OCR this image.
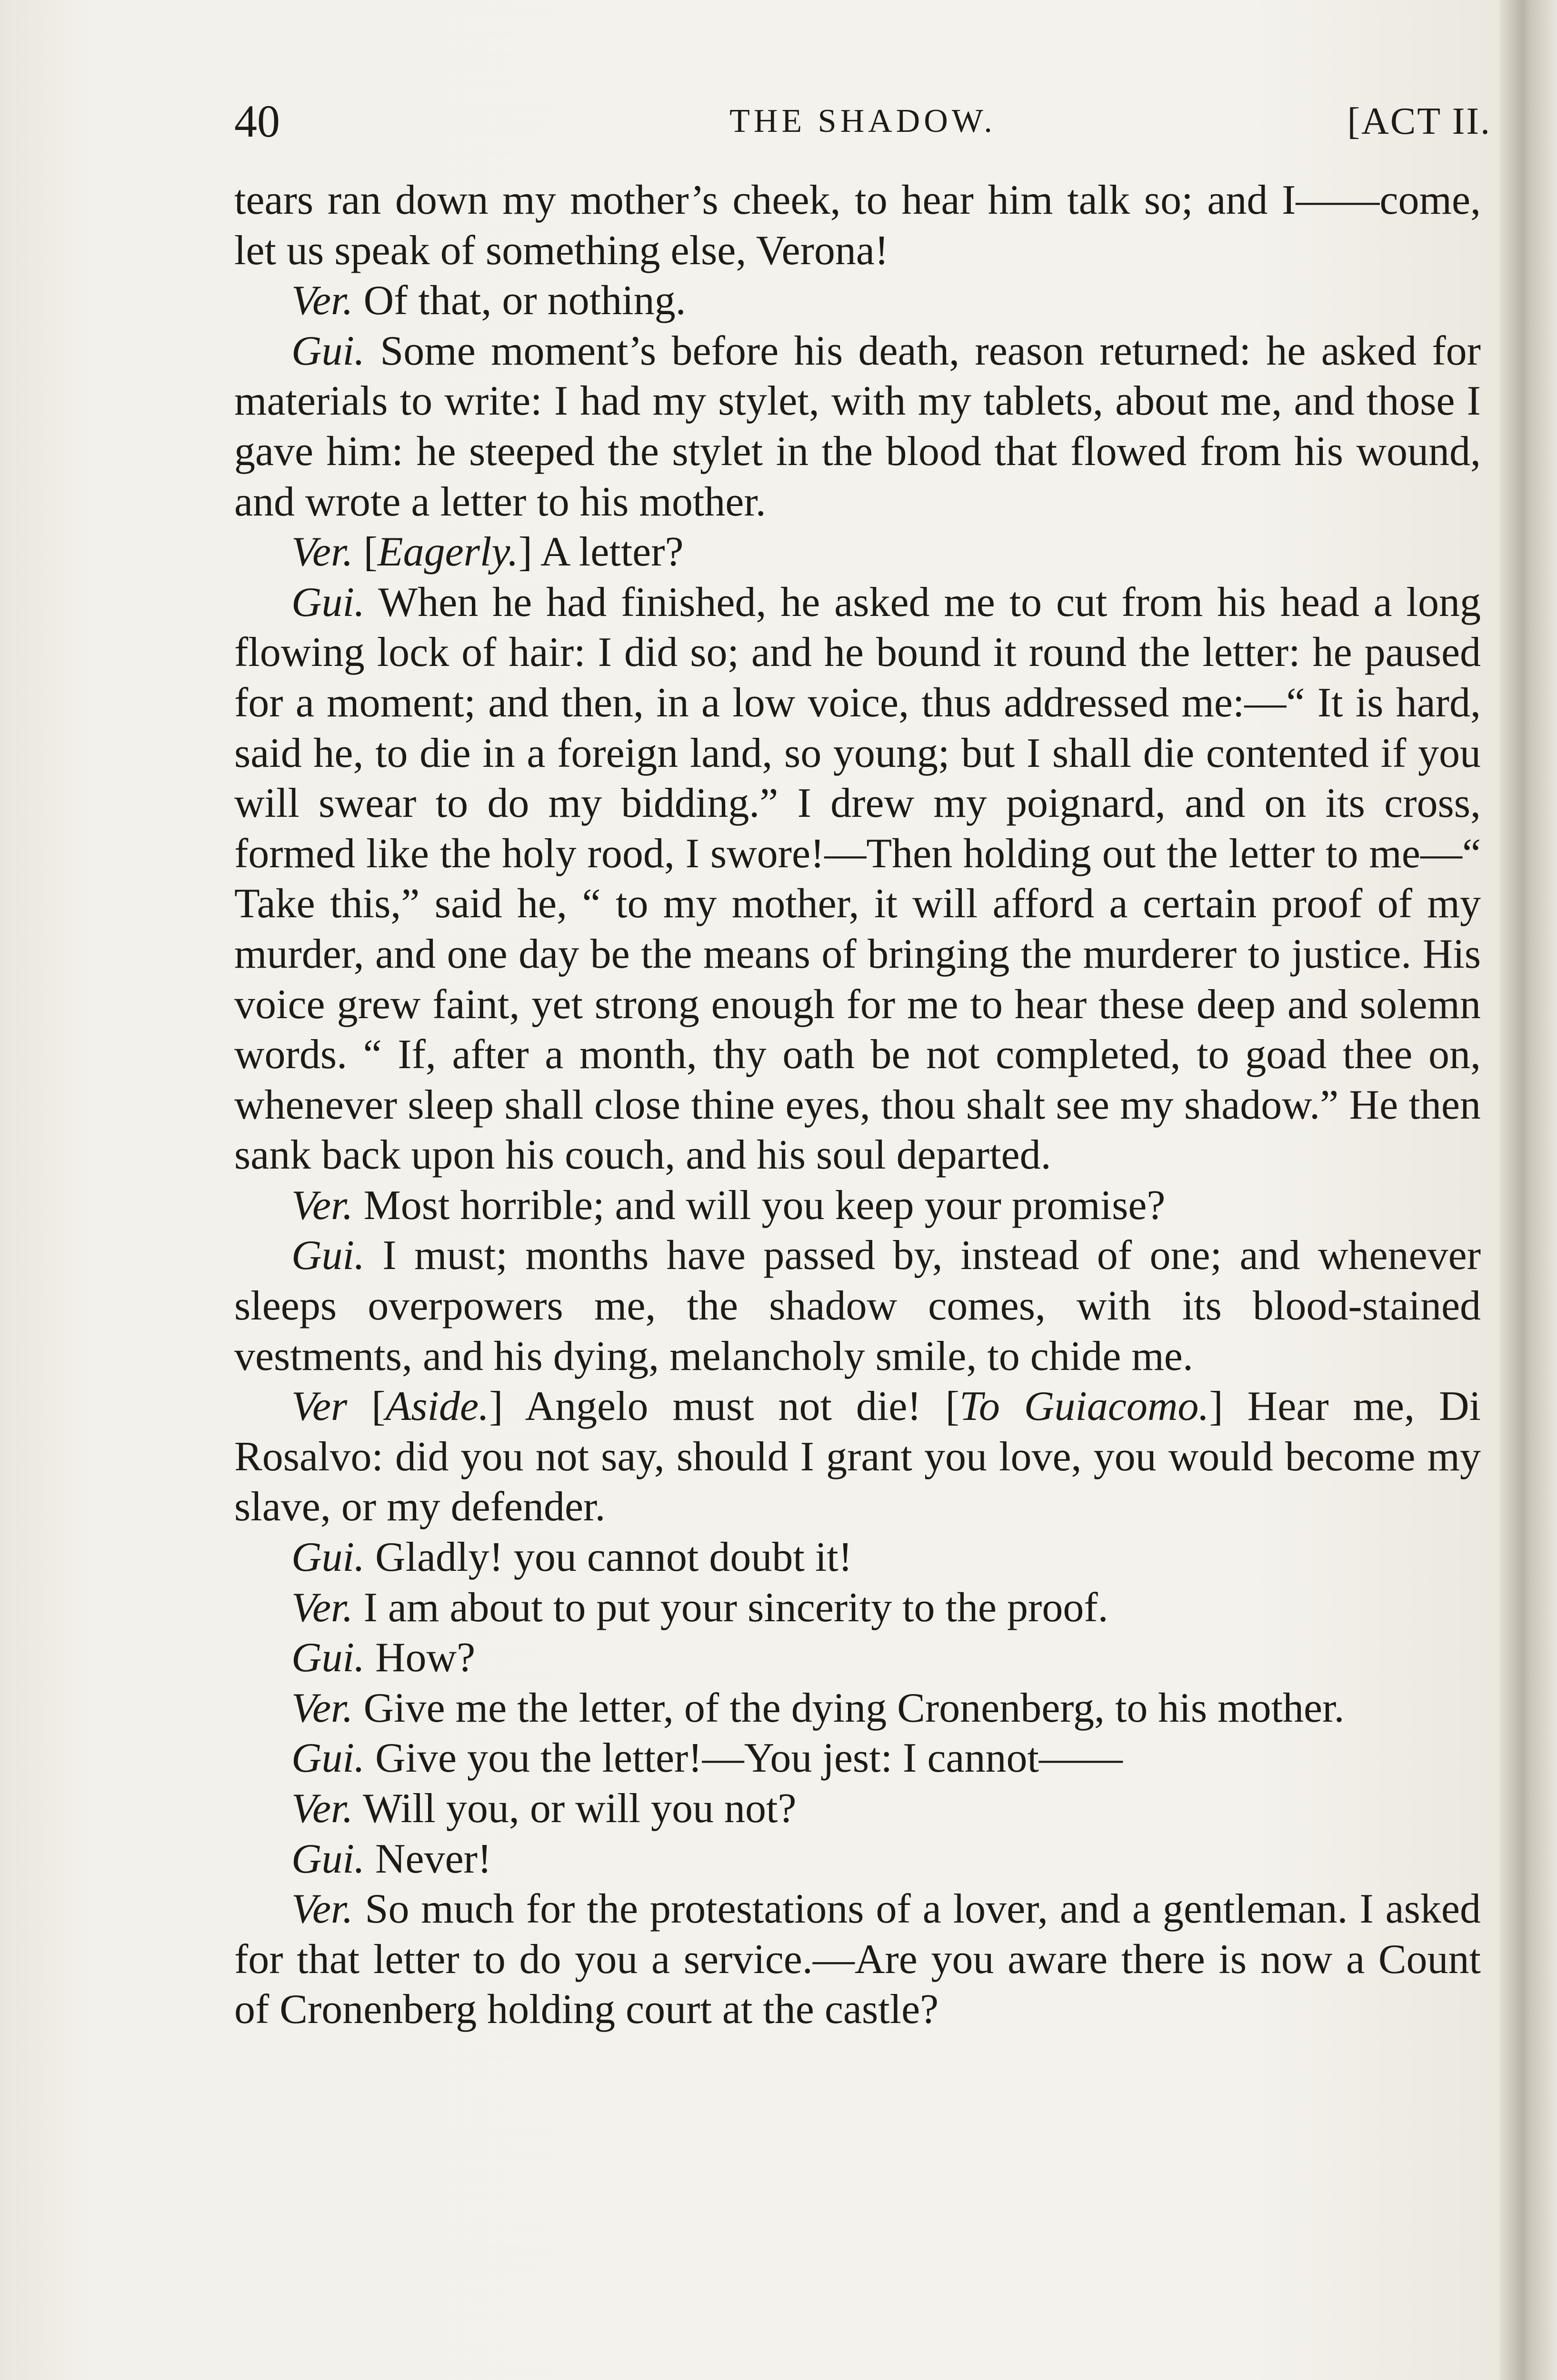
40	THE SHADOW.	[ACT II.

tears ran down my mother’s cheek, to hear him talk so; and I——come, let us speak of something else, Verona!

Ver. Of that, or nothing.

Gui. Some moment’s before his death, reason returned: he asked for materials to write: I had my stylet, with my tablets, about me, and those I gave him: he steeped the stylet in the blood that flowed from his wound, and wrote a letter to his mother.

Ver. [Eagerly.] A letter?

Gui. When he had finished, he asked me to cut from his head a long flowing lock of hair: I did so; and he bound it round the letter: he paused for a moment; and then, in a low voice, thus addressed me:—“ It is hard, said he, to die in a foreign land, so young; but I shall die contented if you will swear to do my bidding.” I drew my poignard, and on its cross, formed like the holy rood, I swore!—Then holding out the letter to me—“ Take this,” said he, “ to my mother, it will afford a certain proof of my murder, and one day be the means of bringing the murderer to justice. His voice grew faint, yet strong enough for me to hear these deep and solemn words. “ If, after a month, thy oath be not completed, to goad thee on, whenever sleep shall close thine eyes, thou shalt see my shadow.” He then sank back upon his couch, and his soul departed.

Ver. Most horrible; and will you keep your promise?

Gui. I must; months have passed by, instead of one; and whenever sleeps overpowers me, the shadow comes, with its blood-stained vestments, and his dying, melancholy smile, to chide me.

Ver [Aside.] Angelo must not die! [To Guiacomo.] Hear me, Di Rosalvo: did you not say, should I grant you love, you would become my slave, or my defender.

Gui. Gladly! you cannot doubt it!

Ver. I am about to put your sincerity to the proof.

Gui. How?

Ver. Give me the letter, of the dying Cronenberg, to his mother.

Gui. Give you the letter!—You jest: I cannot——

Ver. Will you, or will you not?

Gui. Never!

Ver. So much for the protestations of a lover, and a gentleman. I asked for that letter to do you a service.—Are you aware there is now a Count of Cronenberg holding court at the castle?
